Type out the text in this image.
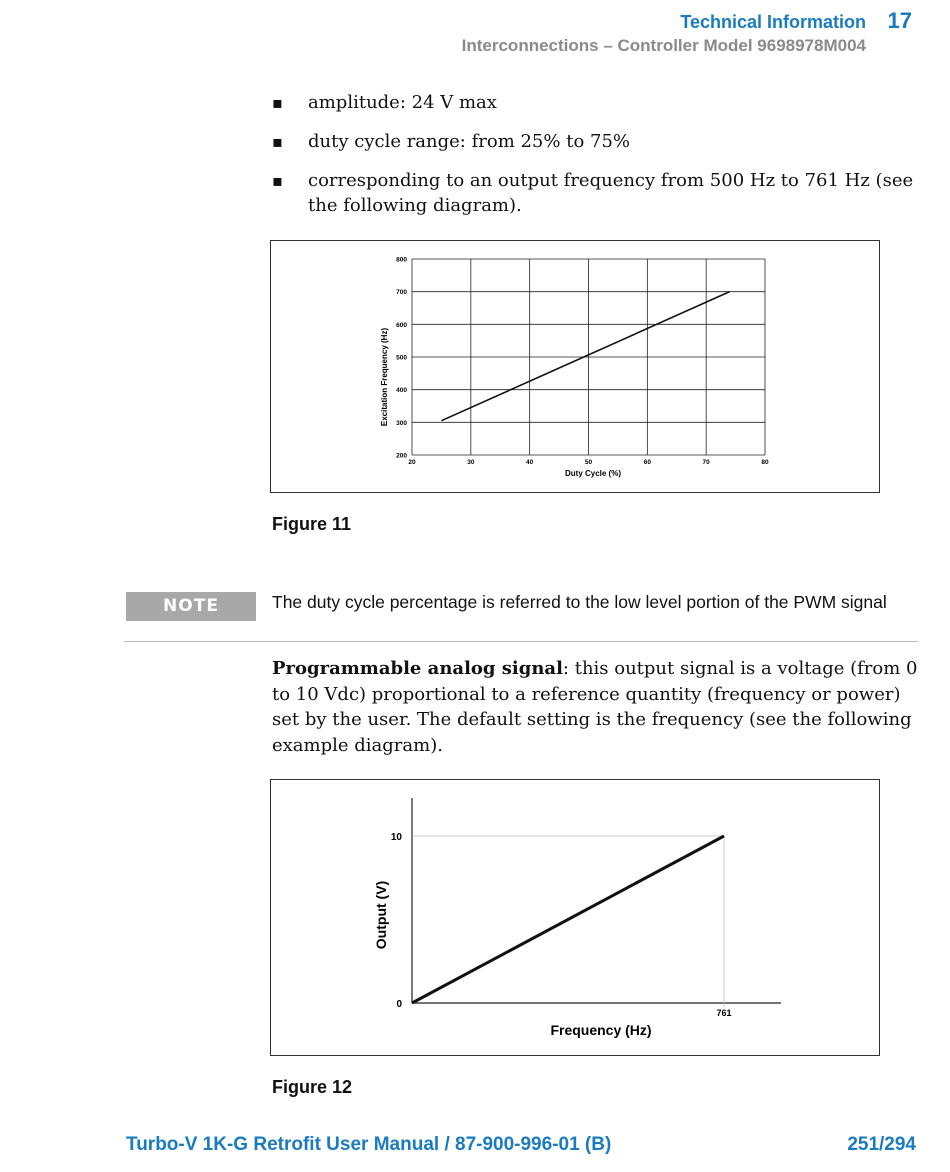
Technical Information 17
Interconnections – Controller Model 9698978M004
▪ amplitude: 24 V max
▪ duty cycle range: from 25% to 75%
▪ corresponding to an output frequency from 500 Hz to 761 Hz (see the following diagram).
20	30	40	50	60	70	80
200
300
400
500
600
700
800
Duty Cycle (%)
Excitation Frequency (Hz)
Figure 11
NOTE	The duty cycle percentage is referred to the low level portion of the PWM signal
Programmable analog signal: this output signal is a voltage (from 0 to 10 Vdc) proportional to a reference quantity (frequency or power) set by the user. The default setting is the frequency (see the following example diagram).
0
10
761
Frequency (Hz)
Output (V)
Figure 12
Turbo-V 1K-G Retrofit User Manual / 87-900-996-01 (B)	251/294
